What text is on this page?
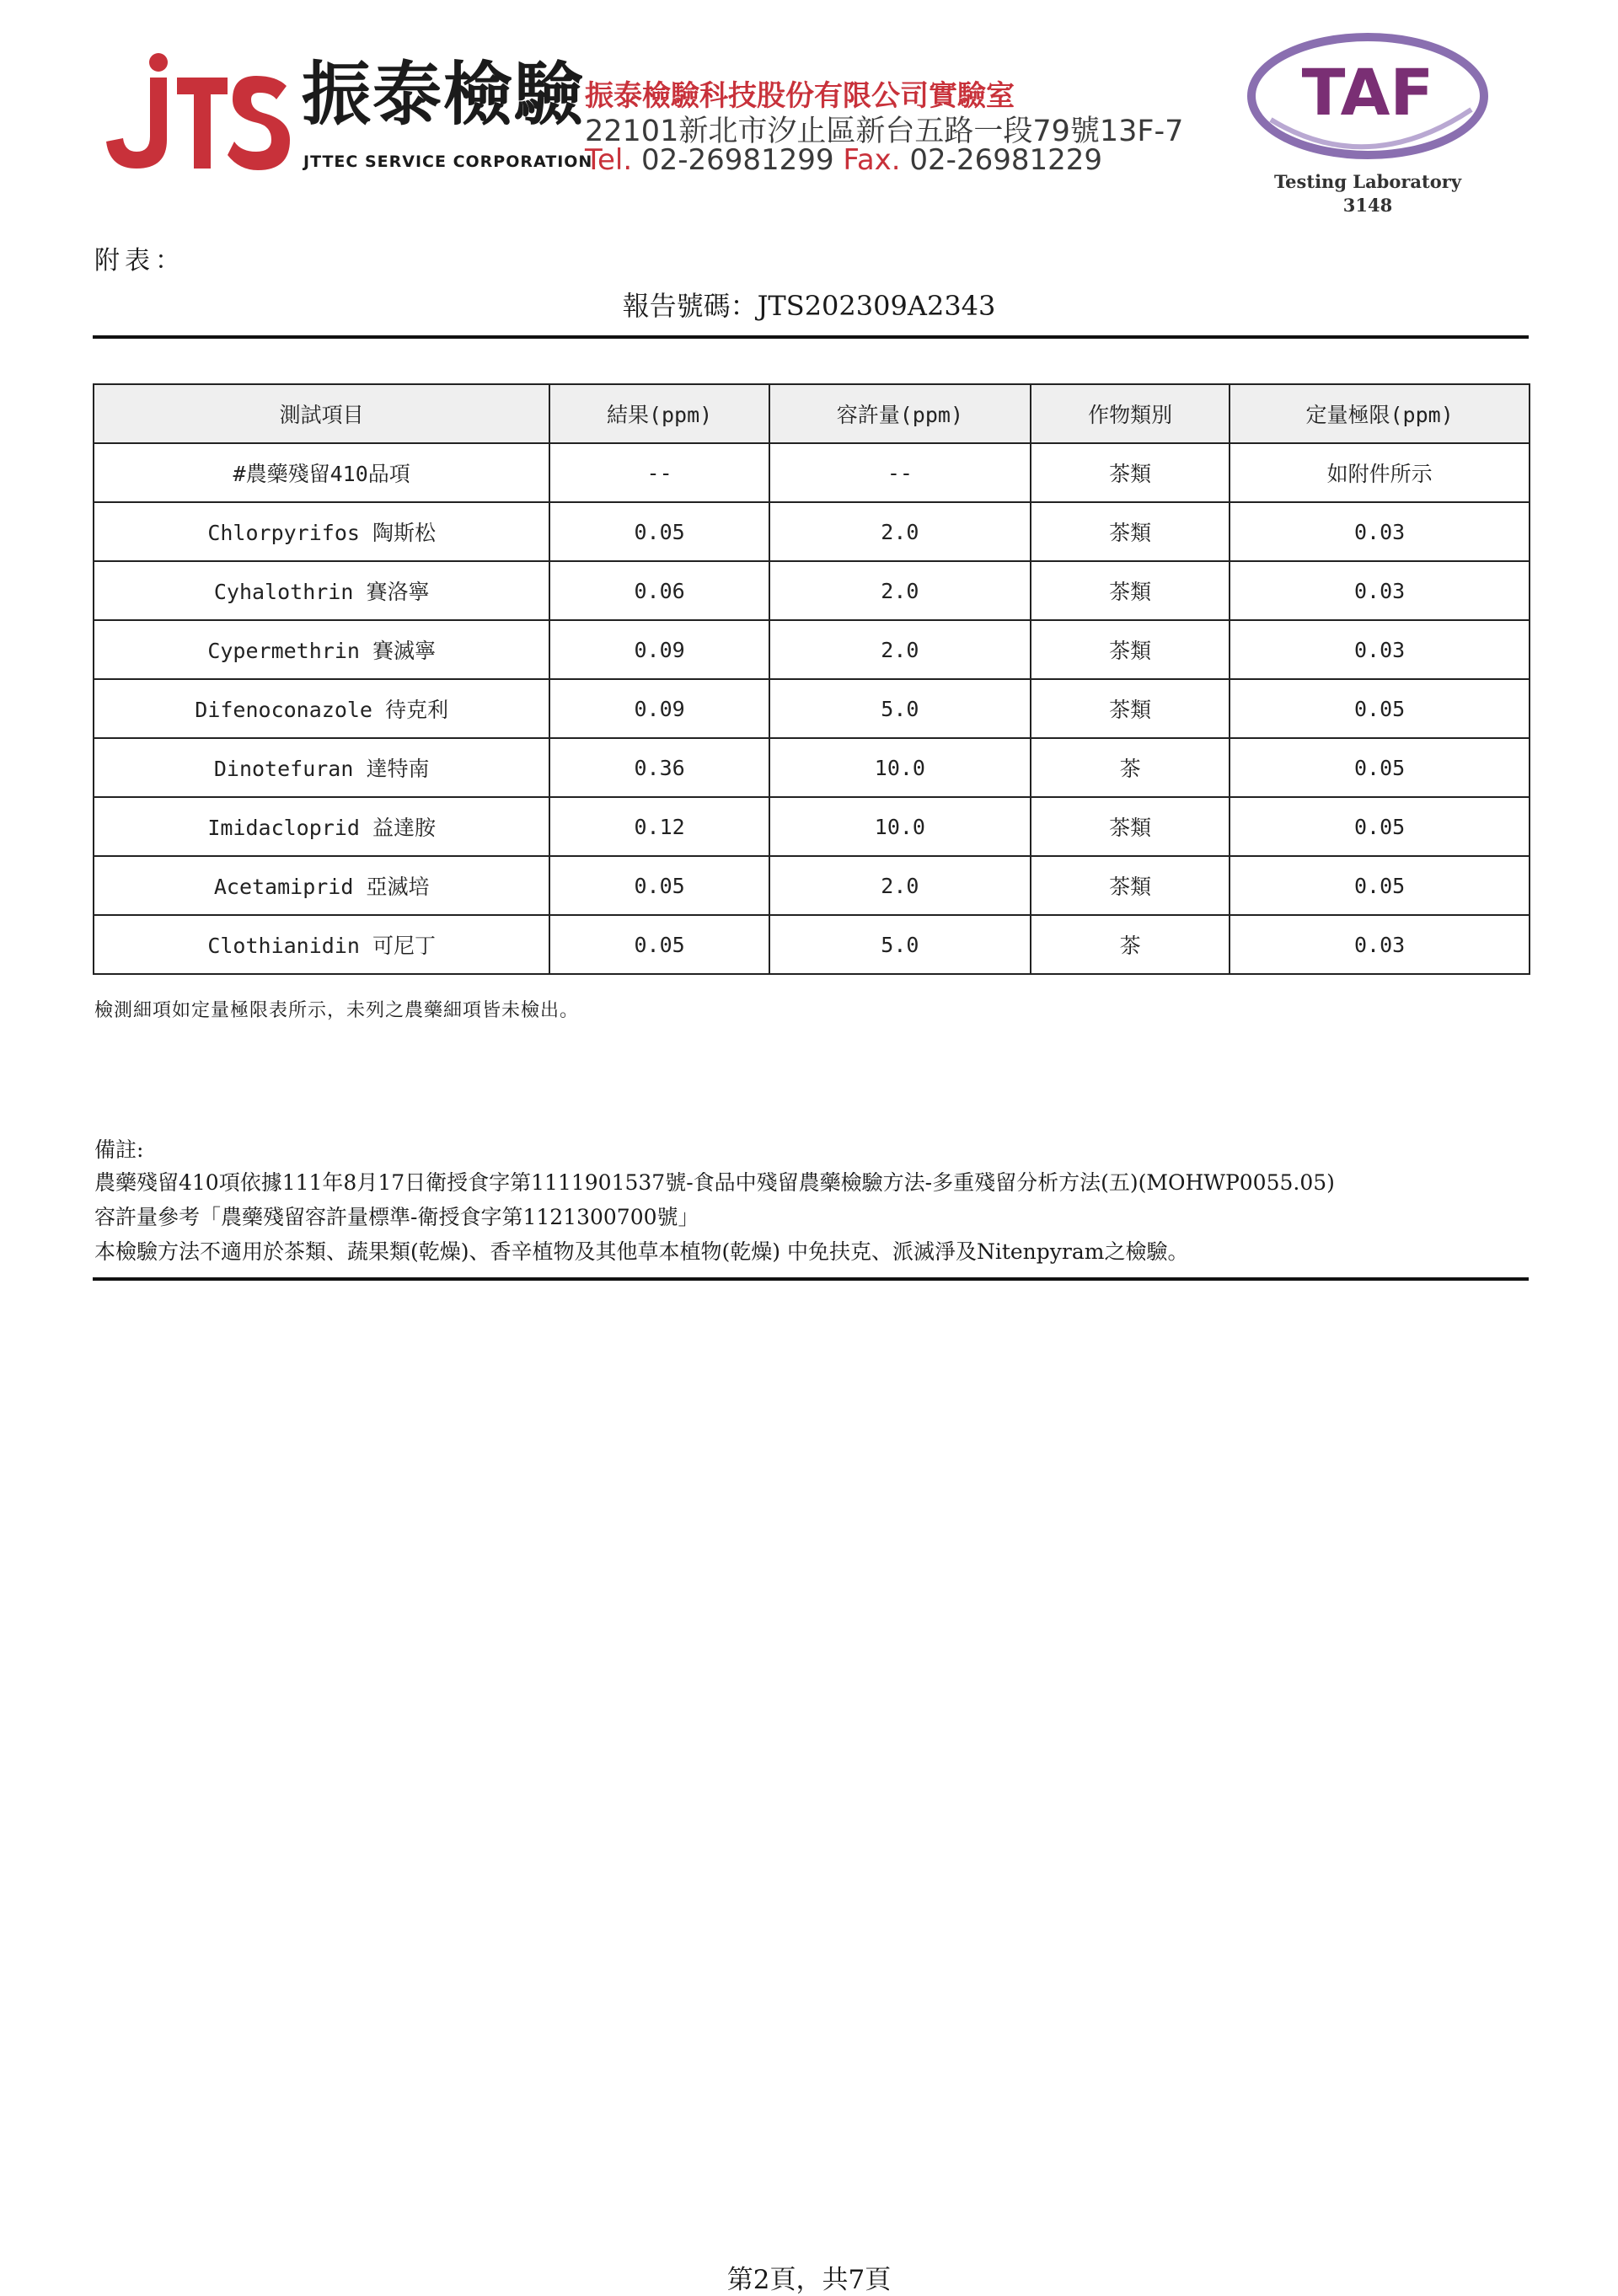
振泰檢驗
JTTEC SERVICE CORPORATION
振泰檢驗科技股份有限公司實驗室
22101新北市汐止區新台五路一段79號13F-7
Tel. 02-26981299 Fax. 02-26981229
TAF
Testing Laboratory
3148
附表：
報告號碼：JTS202309A2343
測試項目	結果(ppm)	容許量(ppm)	作物類別	定量極限(ppm)
#農藥殘留410品項	--	--	茶類	如附件所示
Chlorpyrifos 陶斯松	0.05	2.0	茶類	0.03
Cyhalothrin 賽洛寧	0.06	2.0	茶類	0.03
Cypermethrin 賽滅寧	0.09	2.0	茶類	0.03
Difenoconazole 待克利	0.09	5.0	茶類	0.05
Dinotefuran 達特南	0.36	10.0	茶	0.05
Imidacloprid 益達胺	0.12	10.0	茶類	0.05
Acetamiprid 亞滅培	0.05	2.0	茶類	0.05
Clothianidin 可尼丁	0.05	5.0	茶	0.03
檢測細項如定量極限表所示，未列之農藥細項皆未檢出。
備註:
農藥殘留410項依據111年8月17日衛授食字第1111901537號-食品中殘留農藥檢驗方法-多重殘留分析方法(五)(MOHWP0055.05)
容許量參考「農藥殘留容許量標準-衛授食字第1121300700號」
本檢驗方法不適用於茶類、蔬果類(乾燥)、香辛植物及其他草本植物(乾燥) 中免扶克、派滅淨及Nitenpyram之檢驗。
第2頁，共7頁
